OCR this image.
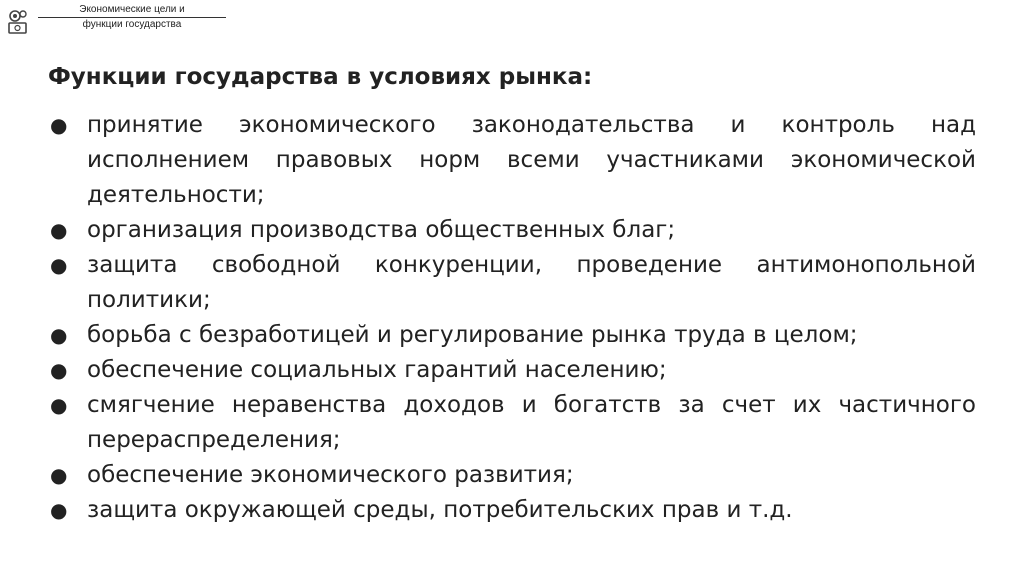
Экономические цели и
функции государства
Функции государства в условиях рынка:
● принятие экономического законодательства и контроль над исполнением правовых норм всеми участниками экономической деятельности;
● организация производства общественных благ;
● защита свободной конкуренции, проведение антимонопольной политики;
● борьба с безработицей и регулирование рынка труда в целом;
● обеспечение социальных гарантий населению;
● смягчение неравенства доходов и богатств за счет их частичного перераспределения;
● обеспечение экономического развития;
● защита окружающей среды, потребительских прав и т.д.
